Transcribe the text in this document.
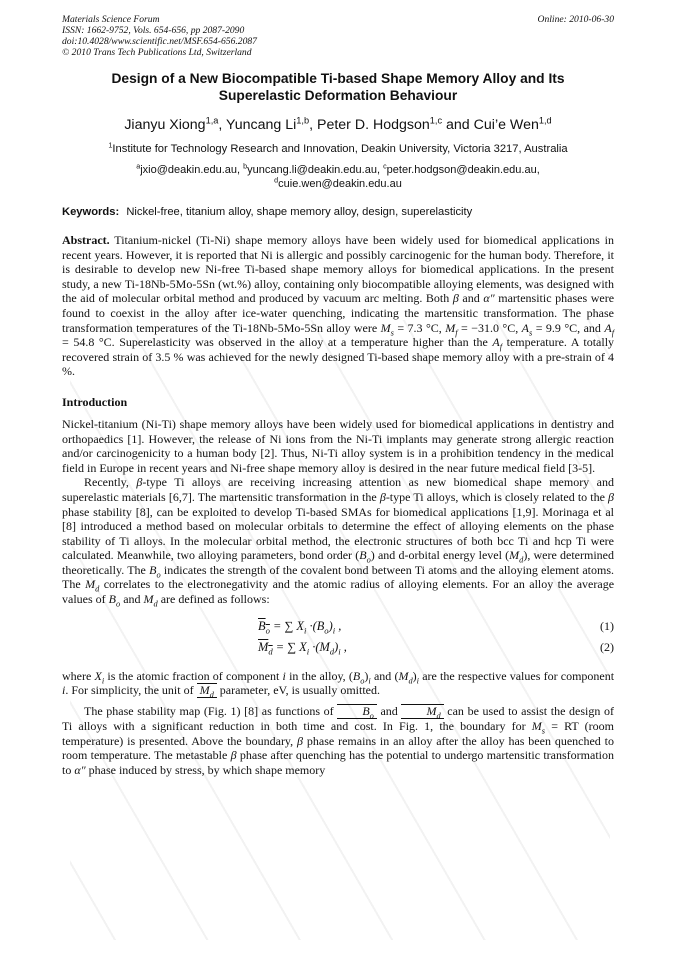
Materials Science Forum
ISSN: 1662-9752, Vols. 654-656, pp 2087-2090
doi:10.4028/www.scientific.net/MSF.654-656.2087
© 2010 Trans Tech Publications Ltd, Switzerland
Online: 2010-06-30
Design of a New Biocompatible Ti-based Shape Memory Alloy and Its
Superelastic Deformation Behaviour
Jianyu Xiong$^{1,a}$, Yuncang Li$^{1,b}$, Peter D. Hodgson$^{1,c}$ and Cui’e Wen$^{1,d}$
$^1$Institute for Technology Research and Innovation, Deakin University, Victoria 3217, Australia
$^a$jxio@deakin.edu.au, $^b$yuncang.li@deakin.edu.au, $^c$peter.hodgson@deakin.edu.au,
$^d$cuie.wen@deakin.edu.au
Keywords: Nickel-free, titanium alloy, shape memory alloy, design, superelasticity
Abstract. Titanium-nickel (Ti-Ni) shape memory alloys have been widely used for biomedical applications in recent years. However, it is reported that Ni is allergic and possibly carcinogenic for the human body. Therefore, it is desirable to develop new Ni-free Ti-based shape memory alloys for biomedical applications. In the present study, a new Ti-18Nb-5Mo-5Sn (wt.%) alloy, containing only biocompatible alloying elements, was designed with the aid of molecular orbital method and produced by vacuum arc melting. Both β and α″ martensitic phases were found to coexist in the alloy after ice-water quenching, indicating the martensitic transformation. The phase transformation temperatures of the Ti-18Nb-5Mo-5Sn alloy were $M_s = 7.3$ °C, $M_f = -31.0$ °C, $A_s = 9.9$ °C, and $A_f = 54.8$ °C. Superelasticity was observed in the alloy at a temperature higher than the $A_f$ temperature. A totally recovered strain of 3.5 % was achieved for the newly designed Ti-based shape memory alloy with a pre-strain of 4 %.
Introduction
Nickel-titanium (Ni-Ti) shape memory alloys have been widely used for biomedical applications in dentistry and orthopaedics [1]. However, the release of Ni ions from the Ni-Ti implants may generate strong allergic reaction and/or carcinogenicity to a human body [2]. Thus, Ni-Ti alloy system is in a prohibition tendency in the medical field in Europe in recent years and Ni-free shape memory alloy is desired in the near future medical field [3-5].
Recently, β-type Ti alloys are receiving increasing attention as new biomedical shape memory and superelastic materials [6,7]. The martensitic transformation in the β-type Ti alloys, which is closely related to the β phase stability [8], can be exploited to develop Ti-based SMAs for biomedical applications [1,9]. Morinaga et al [8] introduced a method based on molecular orbitals to determine the effect of alloying elements on the phase stability of Ti alloys. In the molecular orbital method, the electronic structures of both bcc Ti and hcp Ti were calculated. Meanwhile, two alloying parameters, bond order $(B_o)$ and d-orbital energy level $(M_d)$, were determined theoretically. The $B_o$ indicates the strength of the covalent bond between Ti atoms and the alloying element atoms. The $M_d$ correlates to the electronegativity and the atomic radius of alloying elements. For an alloy the average values of $B_o$ and $M_d$ are defined as follows:
$B_o$ = ∑ $X_i \cdot(B_o)_i$ ,	(1)
$M_d$ = ∑ $X_i \cdot(M_d)_i$ ,	(2)
where $X_i$ is the atomic fraction of component i in the alloy, $(B_o)_i$ and $(M_d)_i$ are the respective values for component i. For simplicity, the unit of $M_d$ parameter, eV, is usually omitted.
The phase stability map (Fig. 1) [8] as functions of $B_o$ and $M_d$ can be used to assist the design of Ti alloys with a significant reduction in both time and cost. In Fig. 1, the boundary for $M_s$ = RT (room temperature) is presented. Above the boundary, β phase remains in an alloy after the alloy has been quenched to room temperature. The metastable β phase after quenching has the potential to undergo martensitic transformation to α″ phase induced by stress, by which shape memory
